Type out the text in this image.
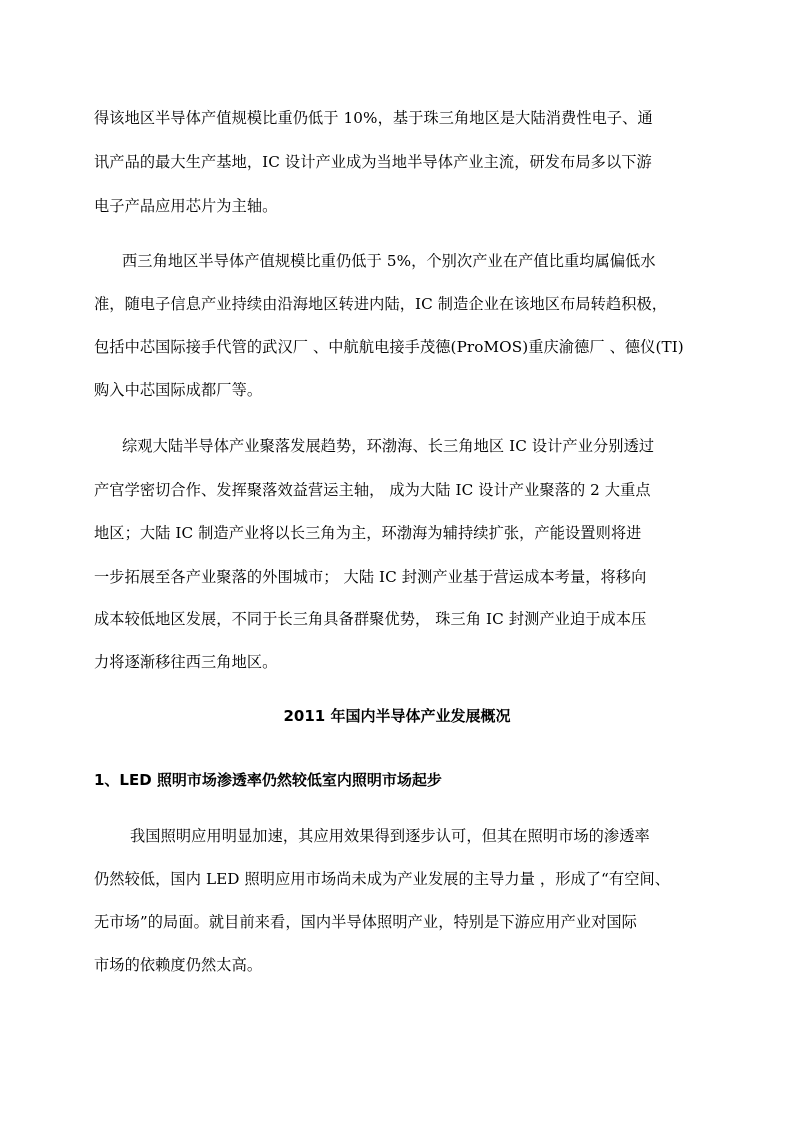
得该地区半导体产值规模比重仍低于 10%，基于珠三角地区是大陆消费性电子、通
讯产品的最大生产基地，IC 设计产业成为当地半导体产业主流，研发布局多以下游
电子产品应用芯片为主轴。
西三角地区半导体产值规模比重仍低于 5%，个别次产业在产值比重均属偏低水
准，随电子信息产业持续由沿海地区转进内陆，IC 制造企业在该地区布局转趋积极，
包括中芯国际接手代管的武汉厂 、中航航电接手茂德(ProMOS)重庆渝德厂 、德仪(TI)
购入中芯国际成都厂等。
综观大陆半导体产业聚落发展趋势，环渤海、长三角地区 IC 设计产业分别透过
产官学密切合作、发挥聚落效益营运主轴， 成为大陆 IC 设计产业聚落的 2 大重点
地区；大陆 IC 制造产业将以长三角为主，环渤海为辅持续扩张，产能设置则将进
一步拓展至各产业聚落的外围城市； 大陆 IC 封测产业基于营运成本考量，将移向
成本较低地区发展，不同于长三角具备群聚优势， 珠三角 IC 封测产业迫于成本压
力将逐渐移往西三角地区。
2011 年国内半导体产业发展概况
1、LED 照明市场渗透率仍然较低室内照明市场起步
我国照明应用明显加速，其应用效果得到逐步认可，但其在照明市场的渗透率
仍然较低，国内 LED 照明应用市场尚未成为产业发展的主导力量 ，形成了“有空间、
无市场”的局面。就目前来看，国内半导体照明产业，特别是下游应用产业对国际
市场的依赖度仍然太高。
